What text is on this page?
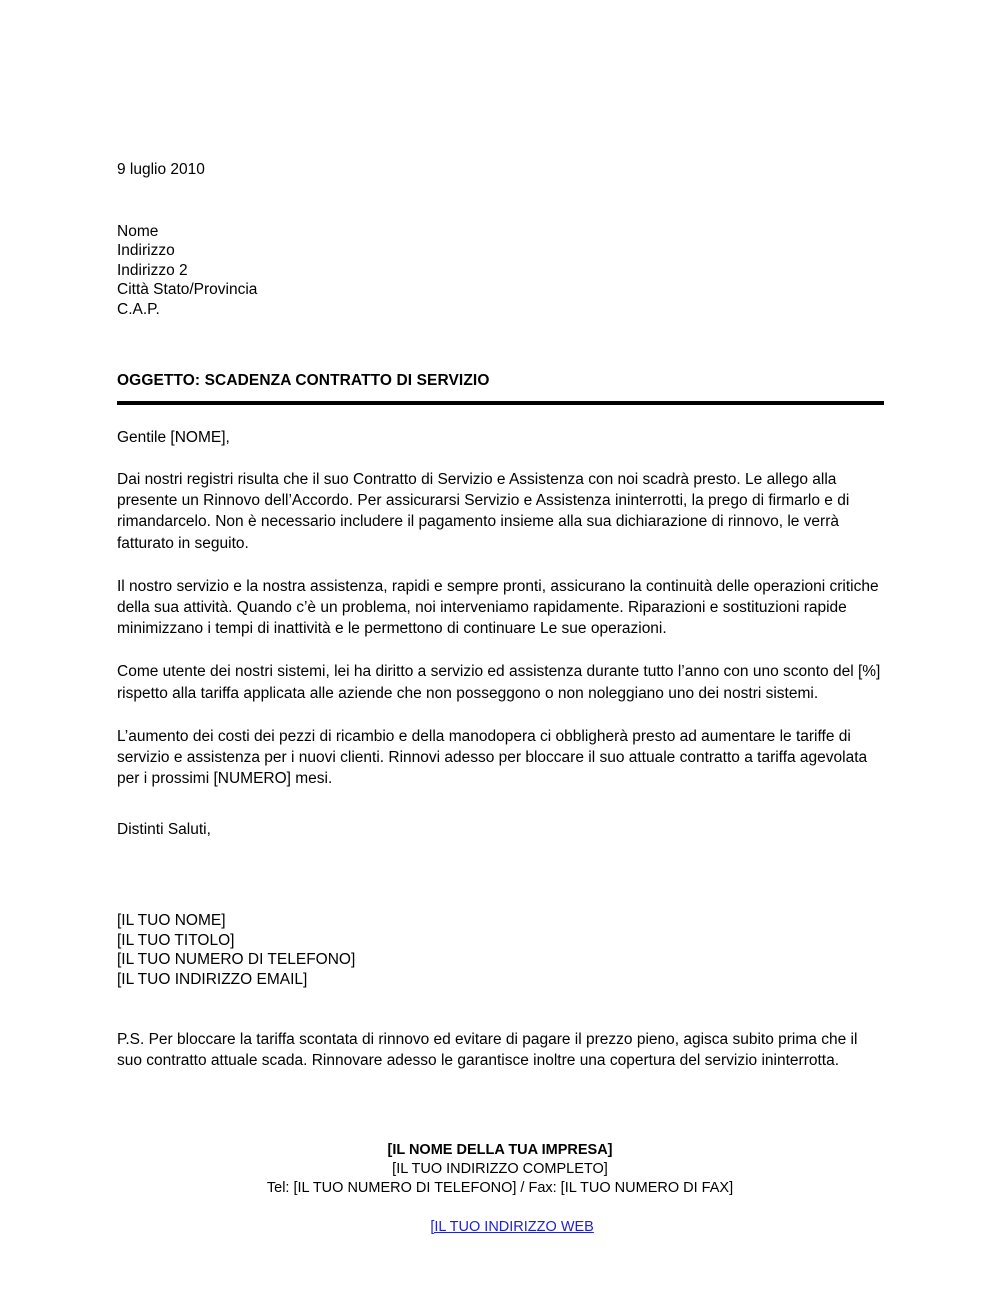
9 luglio 2010
Nome
Indirizzo
Indirizzo 2
Città Stato/Provincia
C.A.P.
OGGETTO: SCADENZA CONTRATTO DI SERVIZIO
Gentile [NOME],
Dai nostri registri risulta che il suo Contratto di Servizio e Assistenza con noi scadrà presto. Le allego alla presente un Rinnovo dell’Accordo. Per assicurarsi Servizio e Assistenza ininterrotti, la prego di firmarlo e di rimandarcelo. Non è necessario includere il pagamento insieme alla sua dichiarazione di rinnovo, le verrà fatturato in seguito.
Il nostro servizio e la nostra assistenza, rapidi e sempre pronti, assicurano la continuità delle operazioni critiche della sua attività. Quando c’è un problema, noi interveniamo rapidamente. Riparazioni e sostituzioni rapide minimizzano i tempi di inattività e le permettono di continuare Le sue operazioni.
Come utente dei nostri sistemi, lei ha diritto a servizio ed assistenza durante tutto l’anno con uno sconto del [%] rispetto alla tariffa applicata alle aziende che non posseggono o non noleggiano uno dei nostri sistemi.
L’aumento dei costi dei pezzi di ricambio e della manodopera ci obbligherà presto ad aumentare le tariffe di servizio e assistenza per i nuovi clienti. Rinnovi adesso per bloccare il suo attuale contratto a tariffa agevolata per i prossimi [NUMERO] mesi.
Distinti Saluti,
[IL TUO NOME]
[IL TUO TITOLO]
[IL TUO NUMERO DI TELEFONO]
[IL TUO INDIRIZZO EMAIL]
P.S. Per bloccare la tariffa scontata di rinnovo ed evitare di pagare il prezzo pieno, agisca subito prima che il suo contratto attuale scada. Rinnovare adesso le garantisce inoltre una copertura del servizio ininterrotta.
[IL NOME DELLA TUA IMPRESA]
[IL TUO INDIRIZZO COMPLETO]
Tel: [IL TUO NUMERO DI TELEFONO] / Fax: [IL TUO NUMERO DI FAX]

[IL TUO INDIRIZZO WEB
